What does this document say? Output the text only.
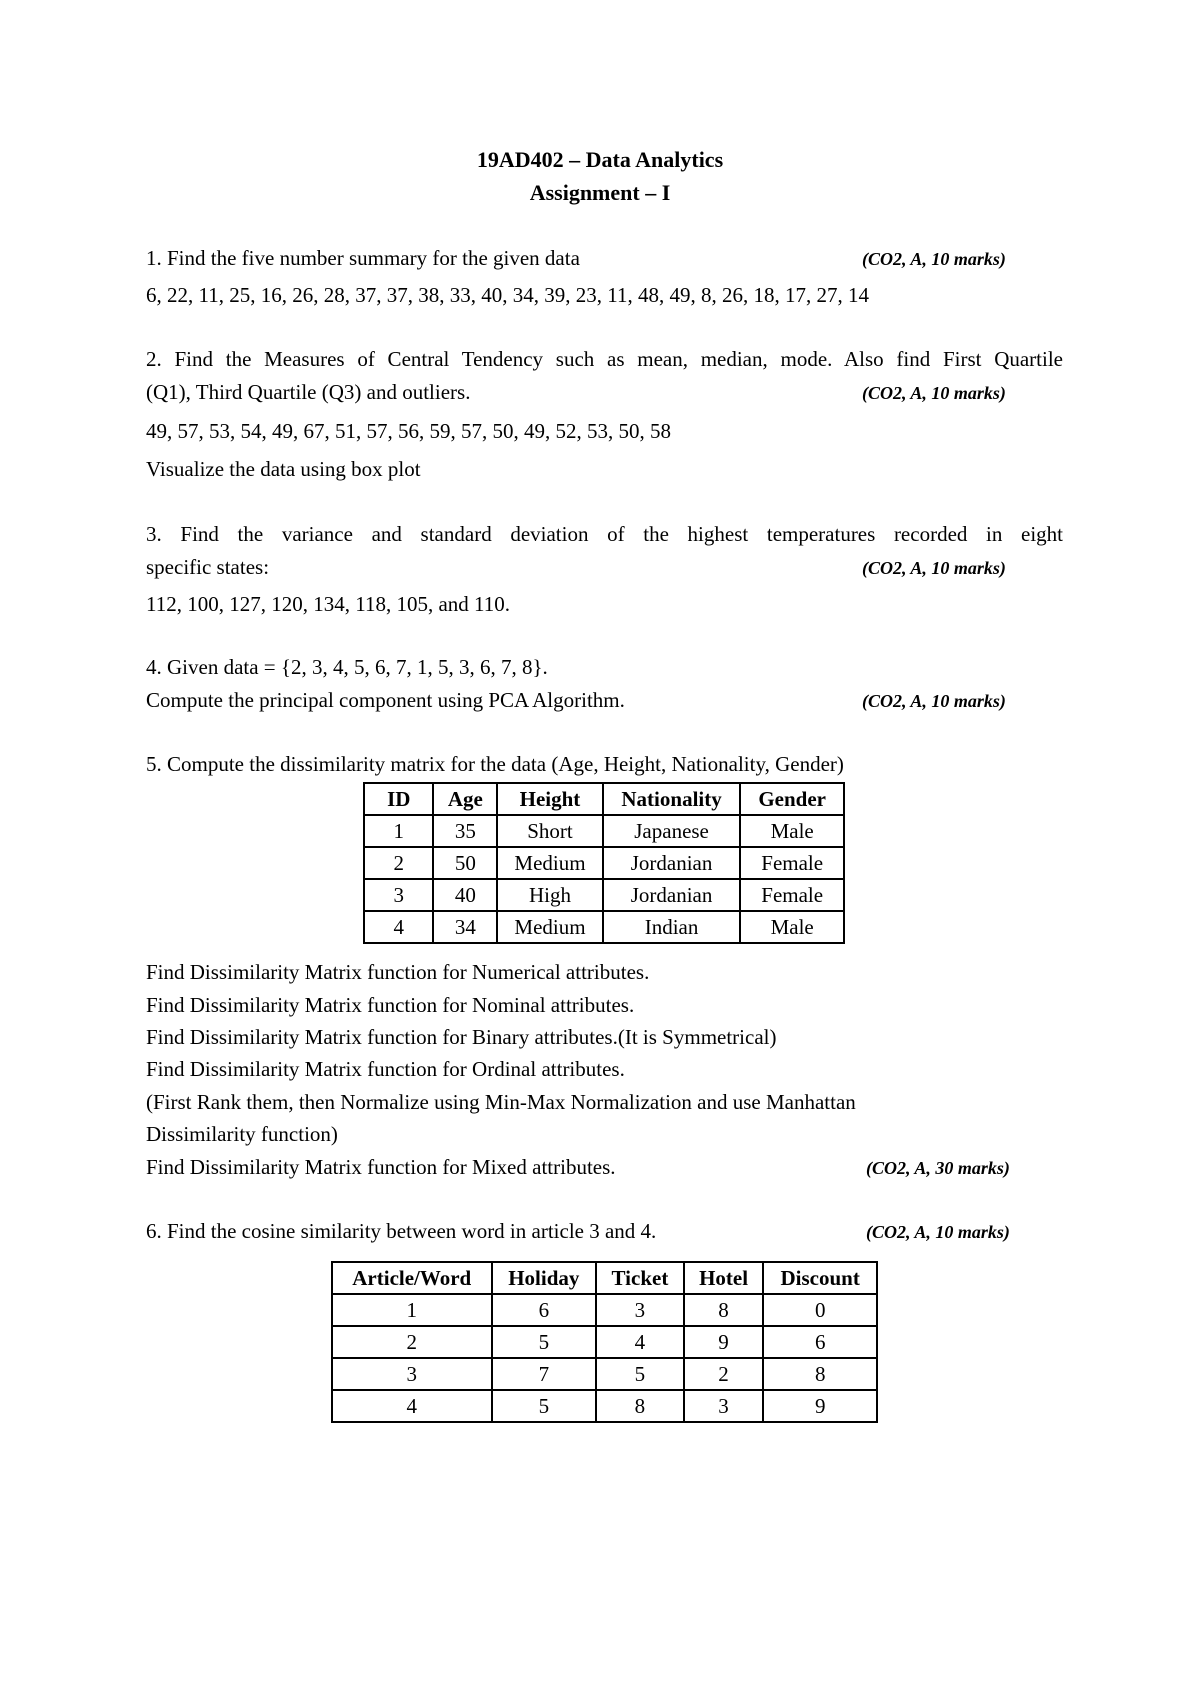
19AD402 – Data Analytics
Assignment – I
1. Find the five number summary for the given data	(CO2, A, 10 marks)
6, 22, 11, 25, 16, 26, 28, 37, 37, 38, 33, 40, 34, 39, 23, 11, 48, 49, 8, 26, 18, 17, 27, 14
2. Find the Measures of Central Tendency such as mean, median, mode. Also find First Quartile
(Q1), Third Quartile (Q3) and outliers.	(CO2, A, 10 marks)
49, 57, 53, 54, 49, 67, 51, 57, 56, 59, 57, 50, 49, 52, 53, 50, 58
Visualize the data using box plot
3. Find the variance and standard deviation of the highest temperatures recorded in eight
specific states:	(CO2, A, 10 marks)
112, 100, 127, 120, 134, 118, 105, and 110.
4. Given data = {2, 3, 4, 5, 6, 7, 1, 5, 3, 6, 7, 8}.
Compute the principal component using PCA Algorithm.	(CO2, A, 10 marks)
5. Compute the dissimilarity matrix for the data (Age, Height, Nationality, Gender)
ID	Age	Height	Nationality	Gender
1	35	Short	Japanese	Male
2	50	Medium	Jordanian	Female
3	40	High	Jordanian	Female
4	34	Medium	Indian	Male
Find Dissimilarity Matrix function for Numerical attributes.
Find Dissimilarity Matrix function for Nominal attributes.
Find Dissimilarity Matrix function for Binary attributes.(It is Symmetrical)
Find Dissimilarity Matrix function for Ordinal attributes.
(First Rank them, then Normalize using Min-Max Normalization and use Manhattan
Dissimilarity function)
Find Dissimilarity Matrix function for Mixed attributes.	(CO2, A, 30 marks)
6. Find the cosine similarity between word in article 3 and 4.	(CO2, A, 10 marks)
Article/Word	Holiday	Ticket	Hotel	Discount
1	6	3	8	0
2	5	4	9	6
3	7	5	2	8
4	5	8	3	9
